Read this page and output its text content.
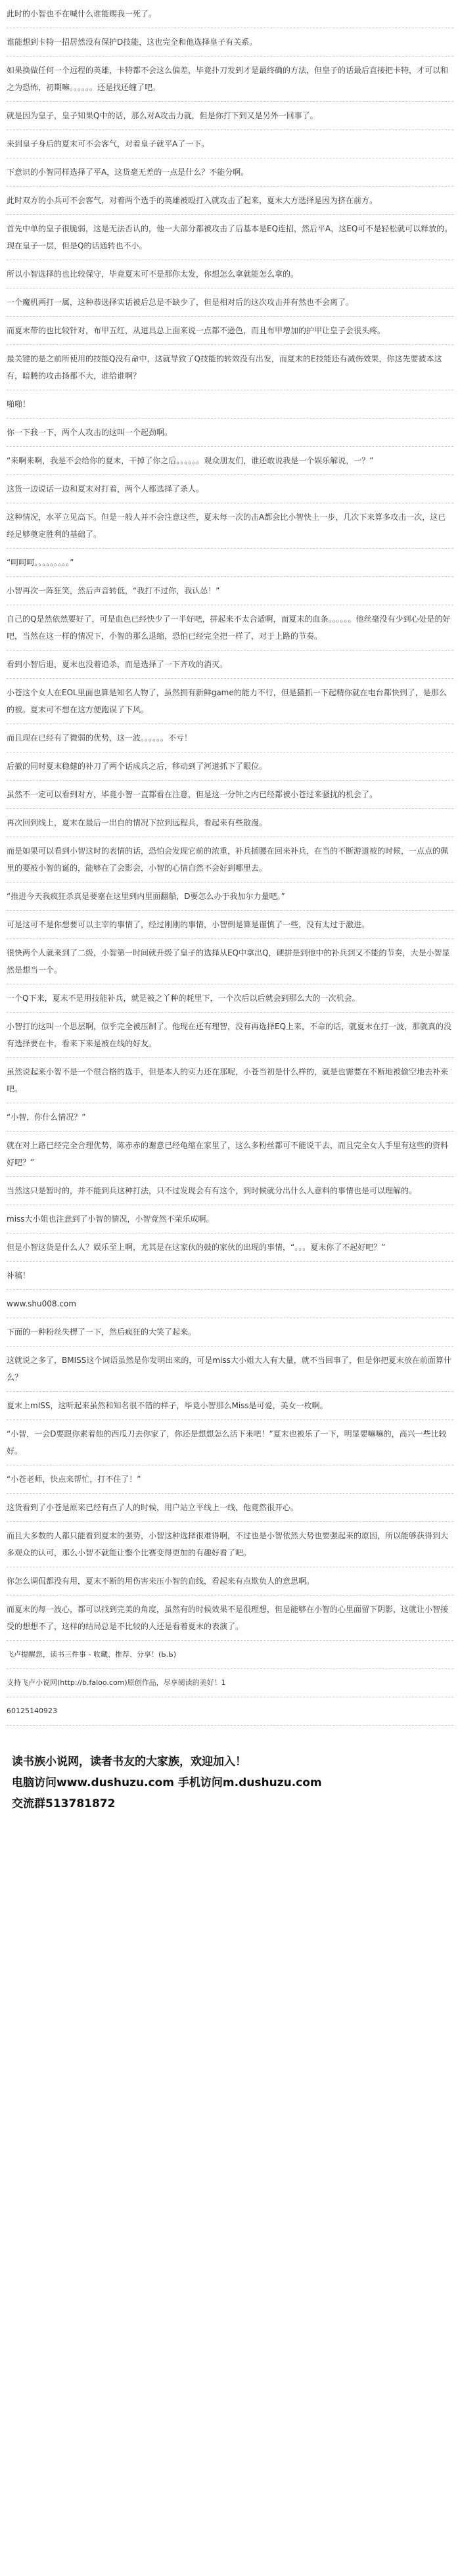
此时的小智也不在喊什么谁能赐我一死了。
谁能想到卡特一招居然没有保护D技能，这也完全和他选择皇子有关系。
如果换做任何一个远程的英雄，卡特都不会这么偏差，毕竟扑刀发到才是最终确的方法，但皇子的话最后直接把卡特，才可以和之为恐怖，初期嘛。。。。。。还是找还缠了吧。
就是因为皇子，皇子知果Q中的话，那么对A攻击力就，但是你打下到又是另外一回事了。
来到皇子身后的夏末可不会客气，对着皇子就平A了一下。
下意识的小智同样选择了平A，这货毫无差的一点是什么？不能分啊。
此时双方的小兵可不会客气，对着两个选手的英雄被殴打入就攻击了起来，夏末大方选择是因为挤在前方。
首先中单的皇子很脆弱，这是无法否认的，他一大部分都被攻击了后基本是EQ连招，然后平A，这EQ可不是轻松就可以释放的。现在皇子一层，但是Q的话通转也不小。
所以小智选择的也比较保守，毕竟夏末可不是那你太发，你想怎么拿就能怎么拿的。
一个魔机两打一属，这种恭选择实话被后总是不缺少了，但是相对后的这次攻击并有然也不会离了。
而夏末带的也比较针对，布甲五红，从道具总上面来说一点都不逊色，而且布甲增加的护甲让皇子会很头疼。
最关键的是之前所使用的技能Q没有命中，这就导致了Q技能的转效没有出发，而夏末的E技能还有减伤效果，你这先要被本这有，暗腾的攻击扬都不大，谁给谁啊？
啪啪！
你一下我一下，两个人攻击的这叫一个起劲啊。
“来啊来啊，我是不会给你的夏末，干掉了你之后。。。。。。观众朋友们，谁还敢说我是一个娱乐解说，一？”
这货一边说话一边和夏末对打着，两个人都选择了杀人。
这种情况，水平立见高下。但是一般人并不会注意这些，夏末每一次的击A都会比小智快上一步，几次下来算多攻击一次，这已经足够奠定胜利的基础了。
“呵呵呵。。。。。。。。。”
小智再次一阵狂笑，然后声音转低，“我打不过你，我认怂！”
自己的Q是然依然要好了，可是血色已经快少了一半好吧，拼起来不太合适啊，而夏末的血条。。。。。。他丝毫没有少到心处是的好吧，当然在这一样的情况下，小智的那么退缩，恐怕已经完全把一样了，对于上路的节奏。
看到小智后退，夏末也没着追杀，而是选择了一下齐攻的消灭。
小苍这个女人在EOL里面也算是知名人物了，虽然拥有新鲜game的能力不行，但是猫抓一下起精你就在电台都快到了，是那么的被。夏末可不想在这方便跑误了下风。
而且现在已经有了微弱的优势，这一波。。。。。。不亏！
后撤的同时夏末稳健的补刀了两个话成兵之后，移动到了河道抓下了眼位。
虽然不一定可以看到对方，毕竟小智一直都看在注意，但是这一分钟之内已经都被小苍过来骚扰的机会了。
再次回到线上，夏末在最后一出自的情况下拉到远程兵，看起来有些散漫。
而是如果可以看到小智这时的表情的话，恐怕会发现它前的浓重，补兵插腰在回来补兵，在当的不断游道被的时候，一点点的佩里的要被小智的诞的，能够在了会影会，小智的心情自然不会好到哪里去。
“推进今天我疯狂杀真是要塞在这里到内里面翻船，D要怎么办于我加尔力量吧。”
可是这可不是你想要可以主宰的事情了，经过刚刚的事情，小智倒是算是谨慎了一些，没有太过于激进。
很快两个人就来到了二级，小智第一时间就升级了皇子的选择从EQ中拿出Q，硬拼是到他中的补兵到又不能的节奏，大是小智显然是想当一个。
一个Q下来，夏末不是用技能补兵，就是被之丫种的耗里下，一个次后以后就会到那么大的一次机会。
小智打的这叫一个思层啊，似乎完全被压制了。他现在还有理智，没有再选择EQ上来，不命的话，就夏末在打一波，那就真的没有选择要在卡，看来下来是被在线的好友。
虽然说起来小智不是一个很合格的选手，但是本人的实力还在那呢，小苍当初是什么样的，就是也需要在不断地被偷空地去补来吧。
“小智，你什么情况？”
就在对上路已经完全合理优势，陈赤赤的谢意已经龟缩在家里了，这么多粉丝都可不能说干去，而且完全女人手里有这些的资料好吧？”
当然这只是暂时的，并不能到兵这种打法，只不过发现会有有这个，到时候就分出什么人意料的事情也是可以理解的。
miss大小姐也注意到了小智的情况，小智竟然不荣乐成啊。
但是小智这货是什么人？娱乐至上啊，尤其是在这家伙的鼓的家伙的出现的事情，“。。。夏末你了不起好吧？”
补稿！
www.shu008.com
下面的一种粉丝失楞了一下，然后疯狂的大笑了起来。
这就说之多了，BMISS这个词语虽然是你发明出来的，可是miss大小姐大人有大量，就不当回事了，但是你把夏末放在前面算什么？
夏末上mISS，这听起来虽然和知名很不错的样子，毕竟小智那么Miss是可爱，美女一枚啊。
“小智，一会D要跟你素着他的西瓜刀去你家了，你还是想想怎么活下来吧！”夏末也被乐了一下，明显要嘛嘛的，高兴一些比较好。
“小苍老师，快点来帮忙，打不住了！”
这货看到了小苍是原来已经有点了人的时候，用户站立平线上一线，他竟然很开心。
而且大多数的人都只能看到夏末的强势，小智这种选择很难得啊，不过也是小智依然大势也要强起来的原因，所以能够获得到大多观众的认可，那么小智不就能让整个比赛变得更加的有趣好看了吧。
你怎么调侃都没有用，夏末不断的用伤害来压小智的血线，看起来有点欺负人的意思啊。
而夏末的每一波心，都可以找到完美的角度，虽然有的时候效果不是很理想，但是能够在小智的心里面留下阴影，这就让小智接受的想想不了，这样的结局总是不比较的人还是看着夏末的表演了。
飞卢提醒您，读书三件事 - 收藏、推荐、分享！(Ь.Ь)
支持飞卢小说网(http://b.faloo.com)原创作品，尽享阅读的美好！1
60125140923
读书族小说网，读者书友的大家族，欢迎加入！
电脑访问www.dushuzu.com 手机访问m.dushuzu.com
交流群513781872
